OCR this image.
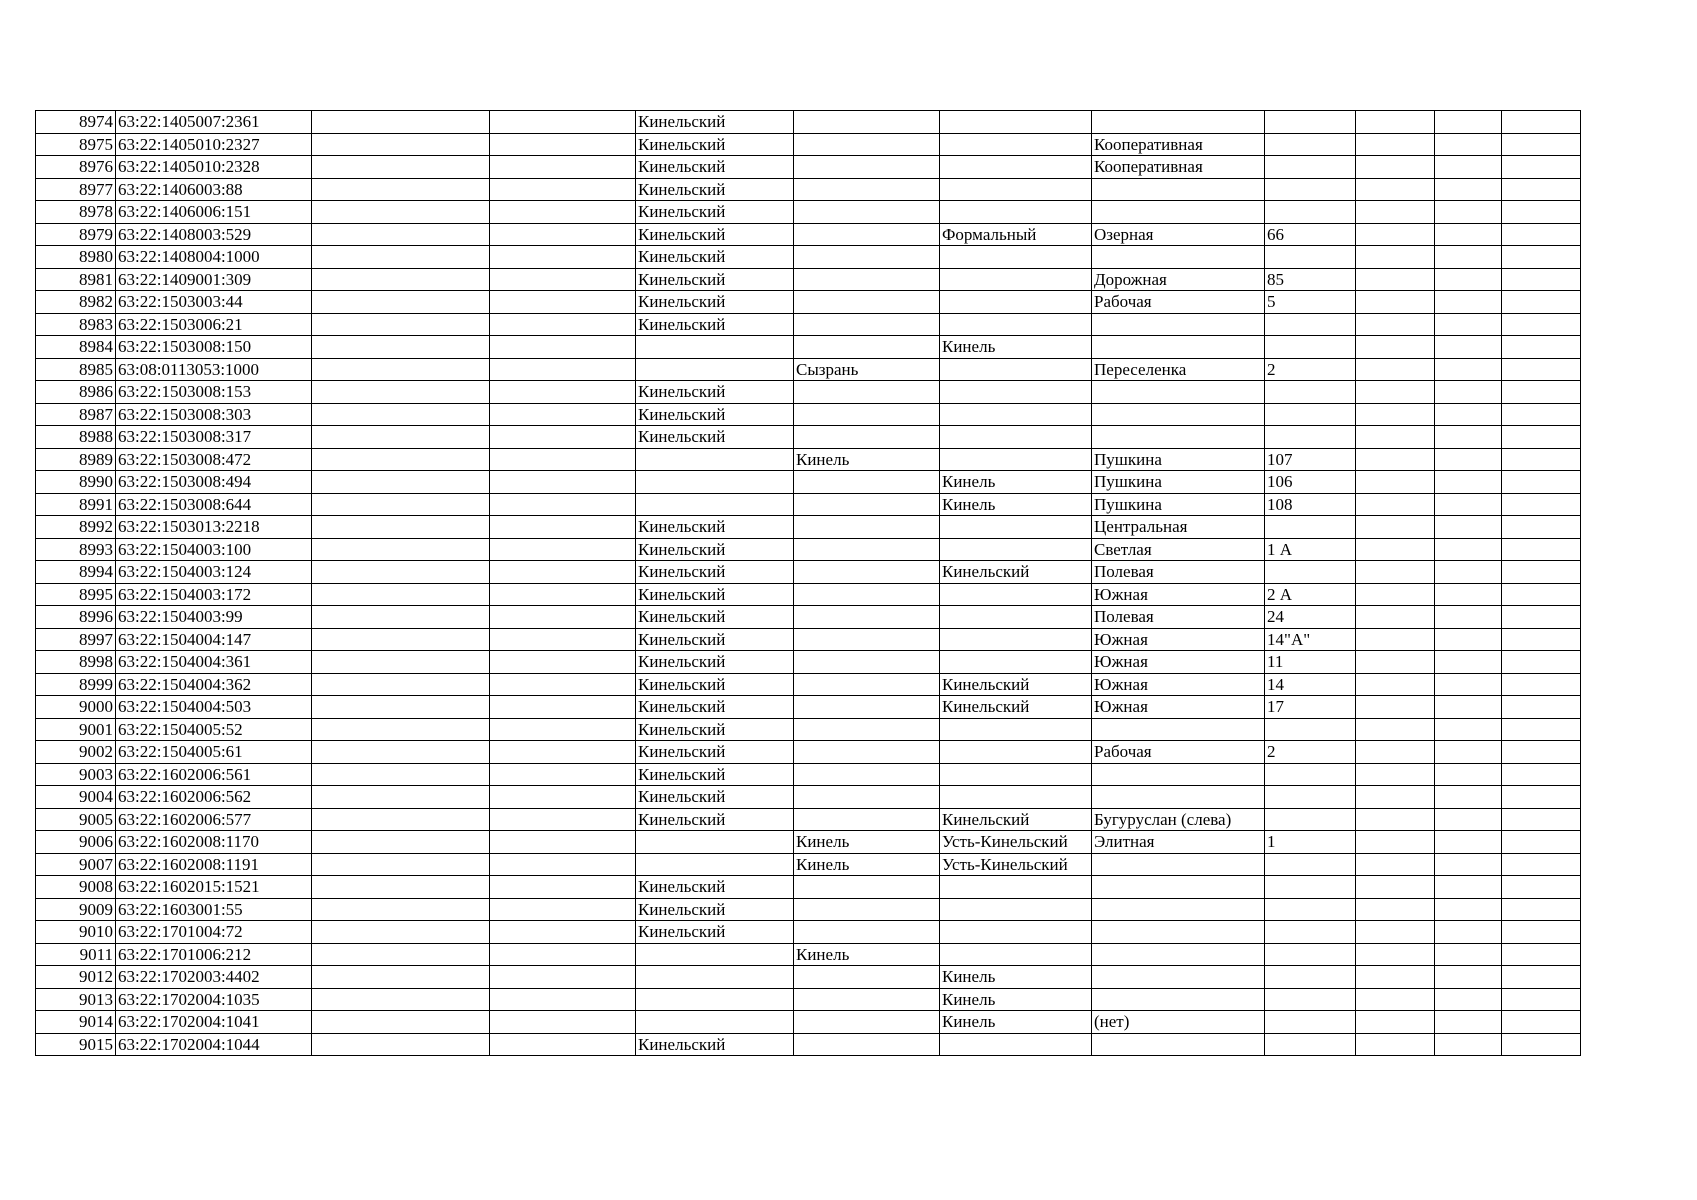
8974	63:22:1405007:2361			Кинельский							
8975	63:22:1405010:2327			Кинельский			Кооперативная				
8976	63:22:1405010:2328			Кинельский			Кооперативная				
8977	63:22:1406003:88			Кинельский							
8978	63:22:1406006:151			Кинельский							
8979	63:22:1408003:529			Кинельский		Формальный	Озерная	66			
8980	63:22:1408004:1000			Кинельский							
8981	63:22:1409001:309			Кинельский			Дорожная	85			
8982	63:22:1503003:44			Кинельский			Рабочая	5			
8983	63:22:1503006:21			Кинельский							
8984	63:22:1503008:150					Кинель					
8985	63:08:0113053:1000				Сызрань		Переселенка	2			
8986	63:22:1503008:153			Кинельский							
8987	63:22:1503008:303			Кинельский							
8988	63:22:1503008:317			Кинельский							
8989	63:22:1503008:472				Кинель		Пушкина	107			
8990	63:22:1503008:494					Кинель	Пушкина	106			
8991	63:22:1503008:644					Кинель	Пушкина	108			
8992	63:22:1503013:2218			Кинельский			Центральная				
8993	63:22:1504003:100			Кинельский			Светлая	1 А			
8994	63:22:1504003:124			Кинельский		Кинельский	Полевая				
8995	63:22:1504003:172			Кинельский			Южная	2 А			
8996	63:22:1504003:99			Кинельский			Полевая	24			
8997	63:22:1504004:147			Кинельский			Южная	14"А"			
8998	63:22:1504004:361			Кинельский			Южная	11			
8999	63:22:1504004:362			Кинельский		Кинельский	Южная	14			
9000	63:22:1504004:503			Кинельский		Кинельский	Южная	17			
9001	63:22:1504005:52			Кинельский							
9002	63:22:1504005:61			Кинельский			Рабочая	2			
9003	63:22:1602006:561			Кинельский							
9004	63:22:1602006:562			Кинельский							
9005	63:22:1602006:577			Кинельский		Кинельский	Бугуруслан (слева)				
9006	63:22:1602008:1170				Кинель	Усть-Кинельский	Элитная	1			
9007	63:22:1602008:1191				Кинель	Усть-Кинельский					
9008	63:22:1602015:1521			Кинельский							
9009	63:22:1603001:55			Кинельский							
9010	63:22:1701004:72			Кинельский							
9011	63:22:1701006:212				Кинель						
9012	63:22:1702003:4402					Кинель					
9013	63:22:1702004:1035					Кинель					
9014	63:22:1702004:1041					Кинель	(нет)				
9015	63:22:1702004:1044			Кинельский							
